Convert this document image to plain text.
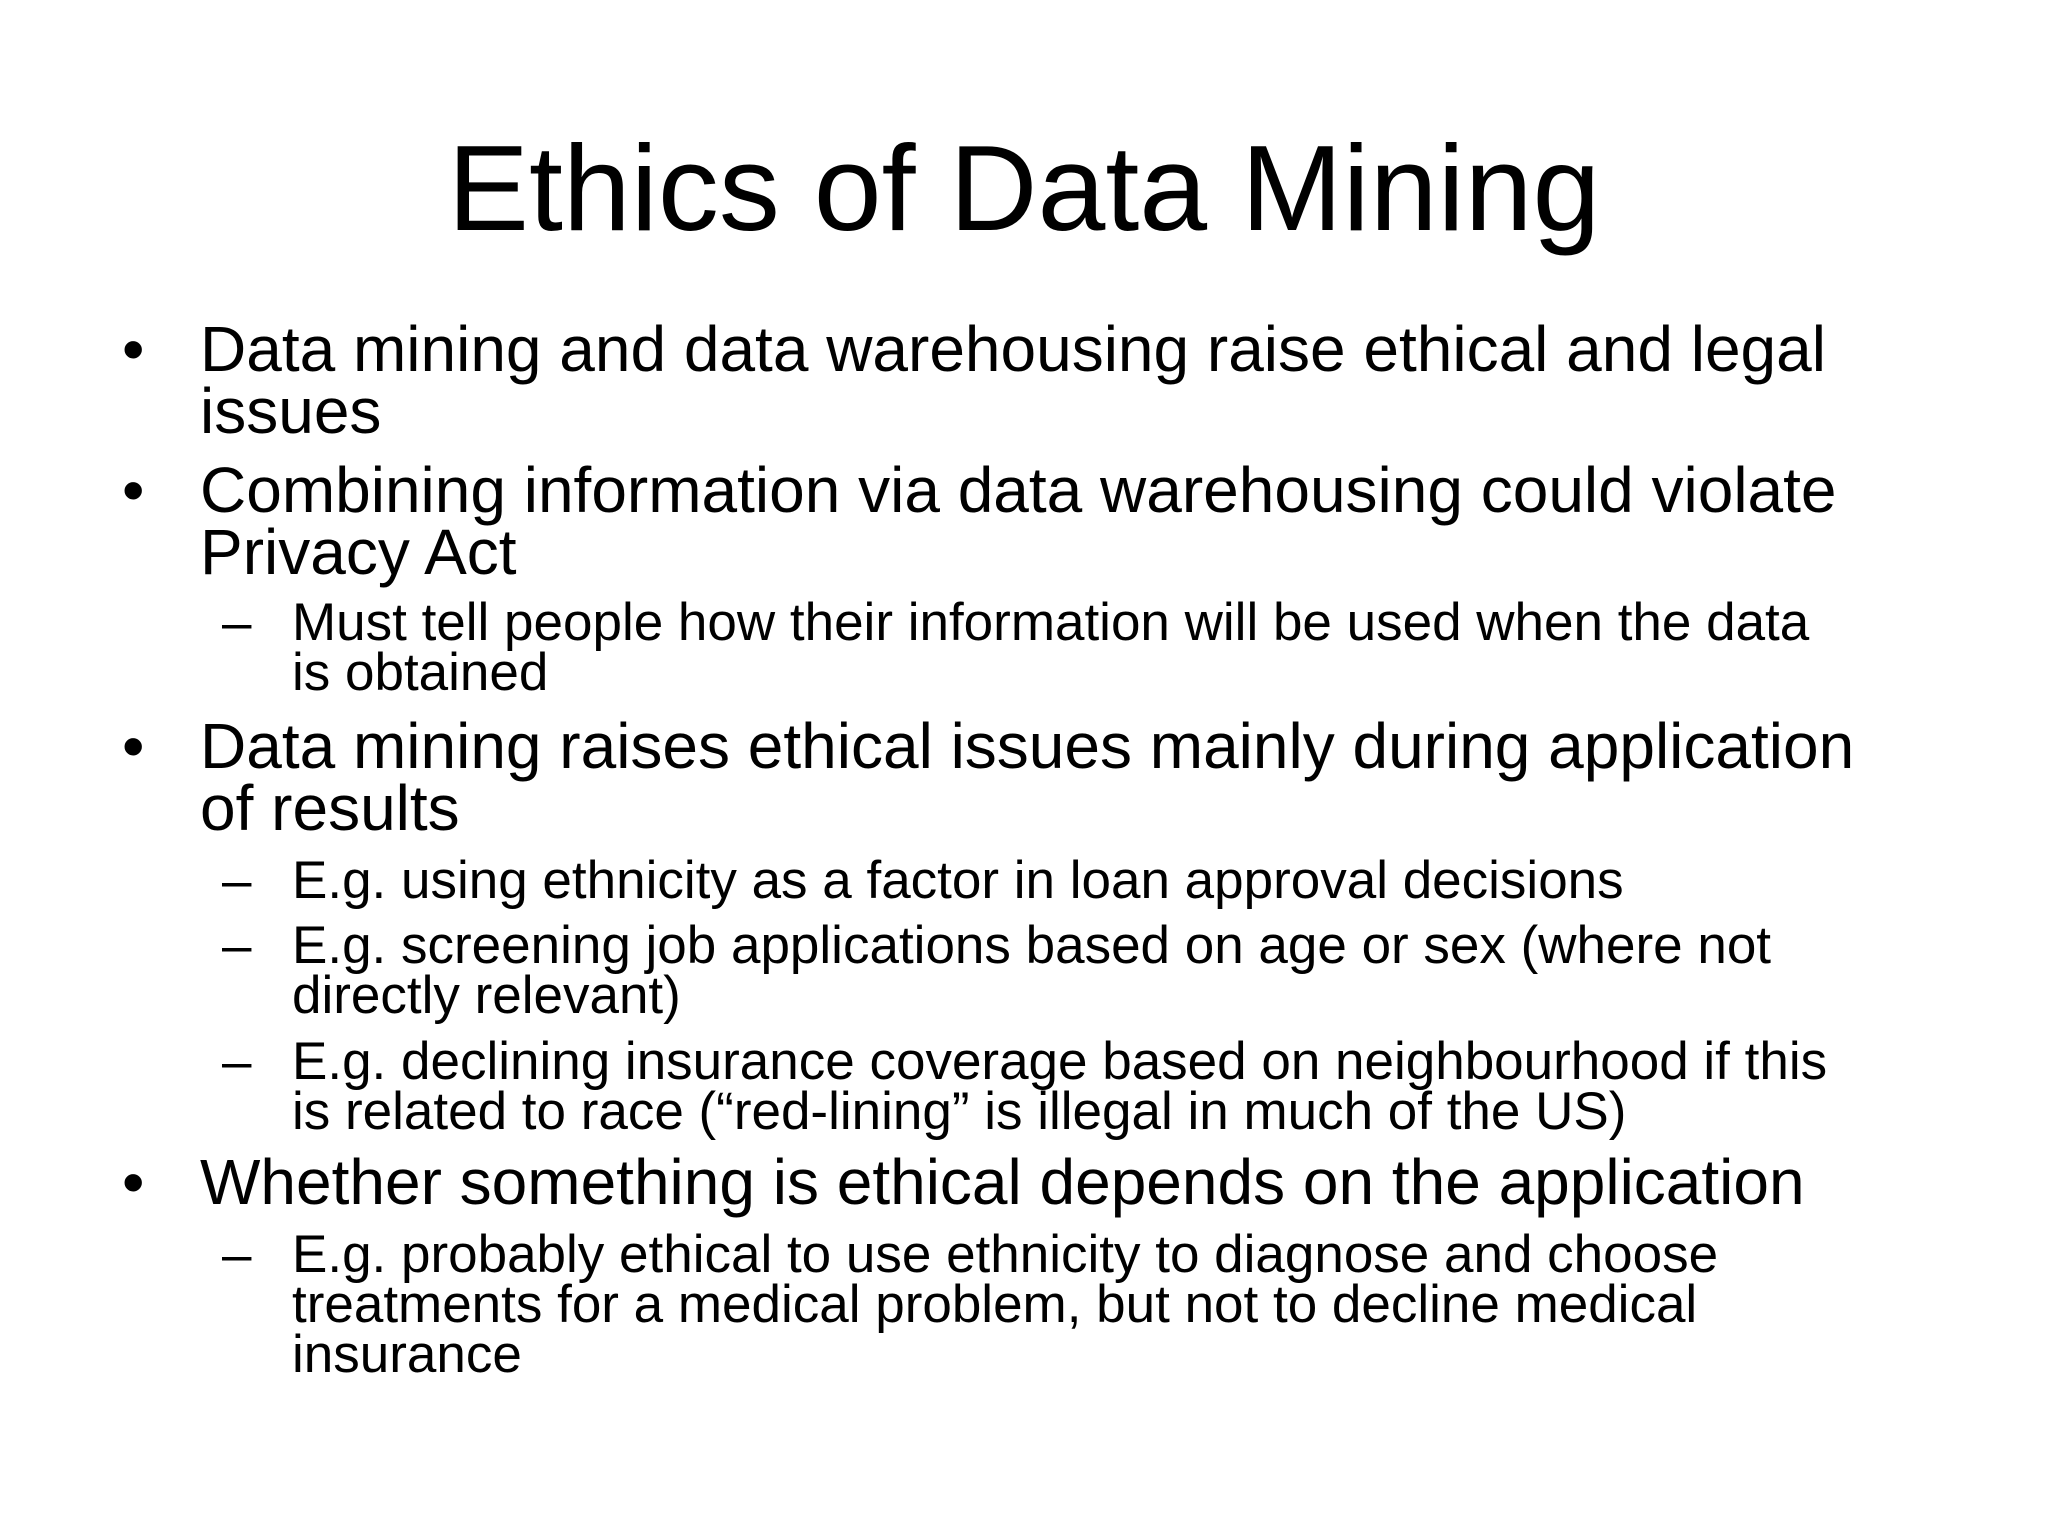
Ethics of Data Mining
• Data mining and data warehousing raise ethical and legal
issues
• Combining information via data warehousing could violate
Privacy Act
– Must tell people how their information will be used when the data
is obtained
• Data mining raises ethical issues mainly during application
of results
– E.g. using ethnicity as a factor in loan approval decisions
– E.g. screening job applications based on age or sex (where not
directly relevant)
– E.g. declining insurance coverage based on neighbourhood if this
is related to race (“red-lining” is illegal in much of the US)
• Whether something is ethical depends on the application
– E.g. probably ethical to use ethnicity to diagnose and choose
treatments for a medical problem, but not to decline medical
insurance
